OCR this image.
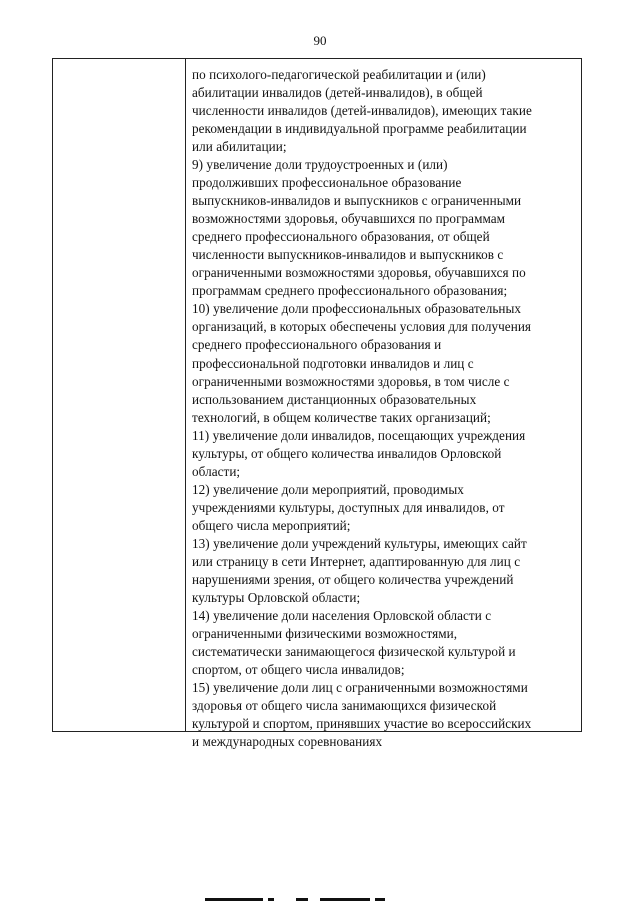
90
по психолого-педагогической реабилитации и (или)
абилитации инвалидов (детей-инвалидов), в общей
численности инвалидов (детей-инвалидов), имеющих такие
рекомендации в индивидуальной программе реабилитации
или абилитации;
9) увеличение доли трудоустроенных и (или)
продолживших профессиональное образование
выпускников-инвалидов и выпускников с ограниченными
возможностями здоровья, обучавшихся по программам
среднего профессионального образования, от общей
численности выпускников-инвалидов и выпускников с
ограниченными возможностями здоровья, обучавшихся по
программам среднего профессионального образования;
10) увеличение доли профессиональных образовательных
организаций, в которых обеспечены условия для получения
среднего профессионального образования и
профессиональной подготовки инвалидов и лиц с
ограниченными возможностями здоровья, в том числе с
использованием дистанционных образовательных
технологий, в общем количестве таких организаций;
11) увеличение доли инвалидов, посещающих учреждения
культуры, от общего количества инвалидов Орловской
области;
12) увеличение доли мероприятий, проводимых
учреждениями культуры, доступных для инвалидов, от
общего числа мероприятий;
13) увеличение доли учреждений культуры, имеющих сайт
или страницу в сети Интернет, адаптированную для лиц с
нарушениями зрения, от общего количества учреждений
культуры Орловской области;
14) увеличение доли населения Орловской области с
ограниченными физическими возможностями,
систематически занимающегося физической культурой и
спортом, от общего числа инвалидов;
15) увеличение доли лиц с ограниченными возможностями
здоровья от общего числа занимающихся физической
культурой и спортом, принявших участие во всероссийских
и международных соревнованиях
